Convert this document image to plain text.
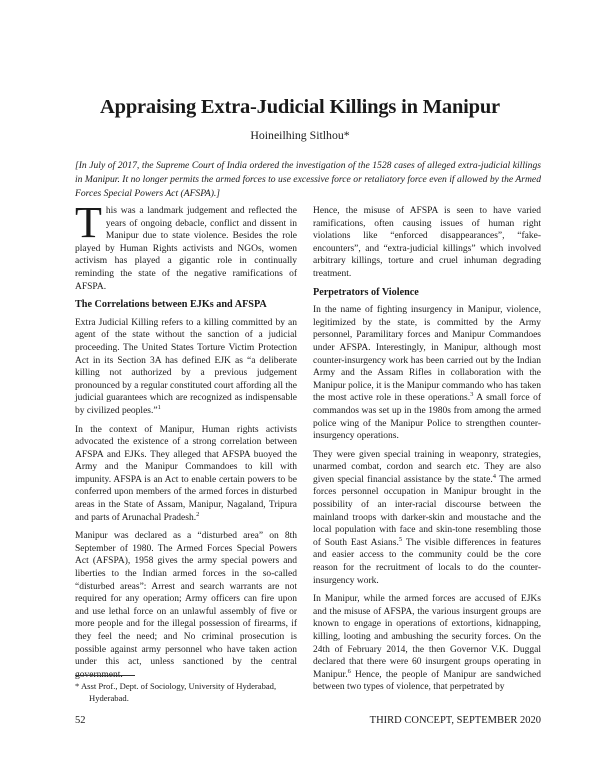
Appraising Extra-Judicial Killings in Manipur
Hoineilhing Sitlhou*
[In July of 2017, the Supreme Court of India ordered the investigation of the 1528 cases of alleged extra-judicial killings in Manipur. It no longer permits the armed forces to use excessive force or retaliatory force even if allowed by the Armed Forces Special Powers Act (AFSPA).]

This was a landmark judgement and reflected the years of ongoing debacle, conflict and dissent in Manipur due to state violence. Besides the role played by Human Rights activists and NGOs, women activism has played a gigantic role in continually reminding the state of the negative ramifications of AFSPA.

The Correlations between EJKs and AFSPA

Extra Judicial Killing refers to a killing committed by an agent of the state without the sanction of a judicial proceeding. The United States Torture Victim Protection Act in its Section 3A has defined EJK as “a deliberate killing not authorized by a previous judgement pronounced by a regular constituted court affording all the judicial guarantees which are recognized as indispensable by civilized peoples.”$^1$

In the context of Manipur, Human rights activists advocated the existence of a strong correlation between AFSPA and EJKs. They alleged that AFSPA buoyed the Army and the Manipur Commandoes to kill with impunity. AFSPA is an Act to enable certain powers to be conferred upon members of the armed forces in disturbed areas in the State of Assam, Manipur, Nagaland, Tripura and parts of Arunachal Pradesh.$^2$

Manipur was declared as a “disturbed area” on 8th September of 1980. The Armed Forces Special Powers Act (AFSPA), 1958 gives the army special powers and liberties to the Indian armed forces in the so-called “disturbed areas”: Arrest and search warrants are not required for any operation; Army officers can fire upon and use lethal force on an unlawful assembly of five or more people and for the illegal possession of firearms, if they feel the need; and No criminal prosecution is possible against army personnel who have taken action under this act, unless sanctioned by the central government.

Hence, the misuse of AFSPA is seen to have varied ramifications, often causing issues of human right violations like “enforced disappearances”, “fake-encounters”, and “extra-judicial killings” which involved arbitrary killings, torture and cruel inhuman degrading treatment.

Perpetrators of Violence

In the name of fighting insurgency in Manipur, violence, legitimized by the state, is committed by the Army personnel, Paramilitary forces and Manipur Commandoes under AFSPA. Interestingly, in Manipur, although most counter-insurgency work has been carried out by the Indian Army and the Assam Rifles in collaboration with the Manipur police, it is the Manipur commando who has taken the most active role in these operations.$^3$ A small force of commandos was set up in the 1980s from among the armed police wing of the Manipur Police to strengthen counter-insurgency operations.

They were given special training in weaponry, strategies, unarmed combat, cordon and search etc. They are also given special financial assistance by the state.$^4$ The armed forces personnel occupation in Manipur brought in the possibility of an inter-racial discourse between the mainland troops with darker-skin and moustache and the local population with face and skin-tone resembling those of South East Asians.$^5$ The visible differences in features and easier access to the community could be the core reason for the recruitment of locals to do the counter-insurgency work.

In Manipur, while the armed forces are accused of EJKs and the misuse of AFSPA, the various insurgent groups are known to engage in operations of extortions, kidnapping, killing, looting and ambushing the security forces. On the 24th of February 2014, the then Governor V.K. Duggal declared that there were 60 insurgent groups operating in Manipur.$^6$ Hence, the people of Manipur are sandwiched between two types of violence, that perpetrated by

* Asst Prof., Dept. of Sociology, University of Hyderabad, Hyderabad.
52	THIRD CONCEPT, SEPTEMBER 2020
